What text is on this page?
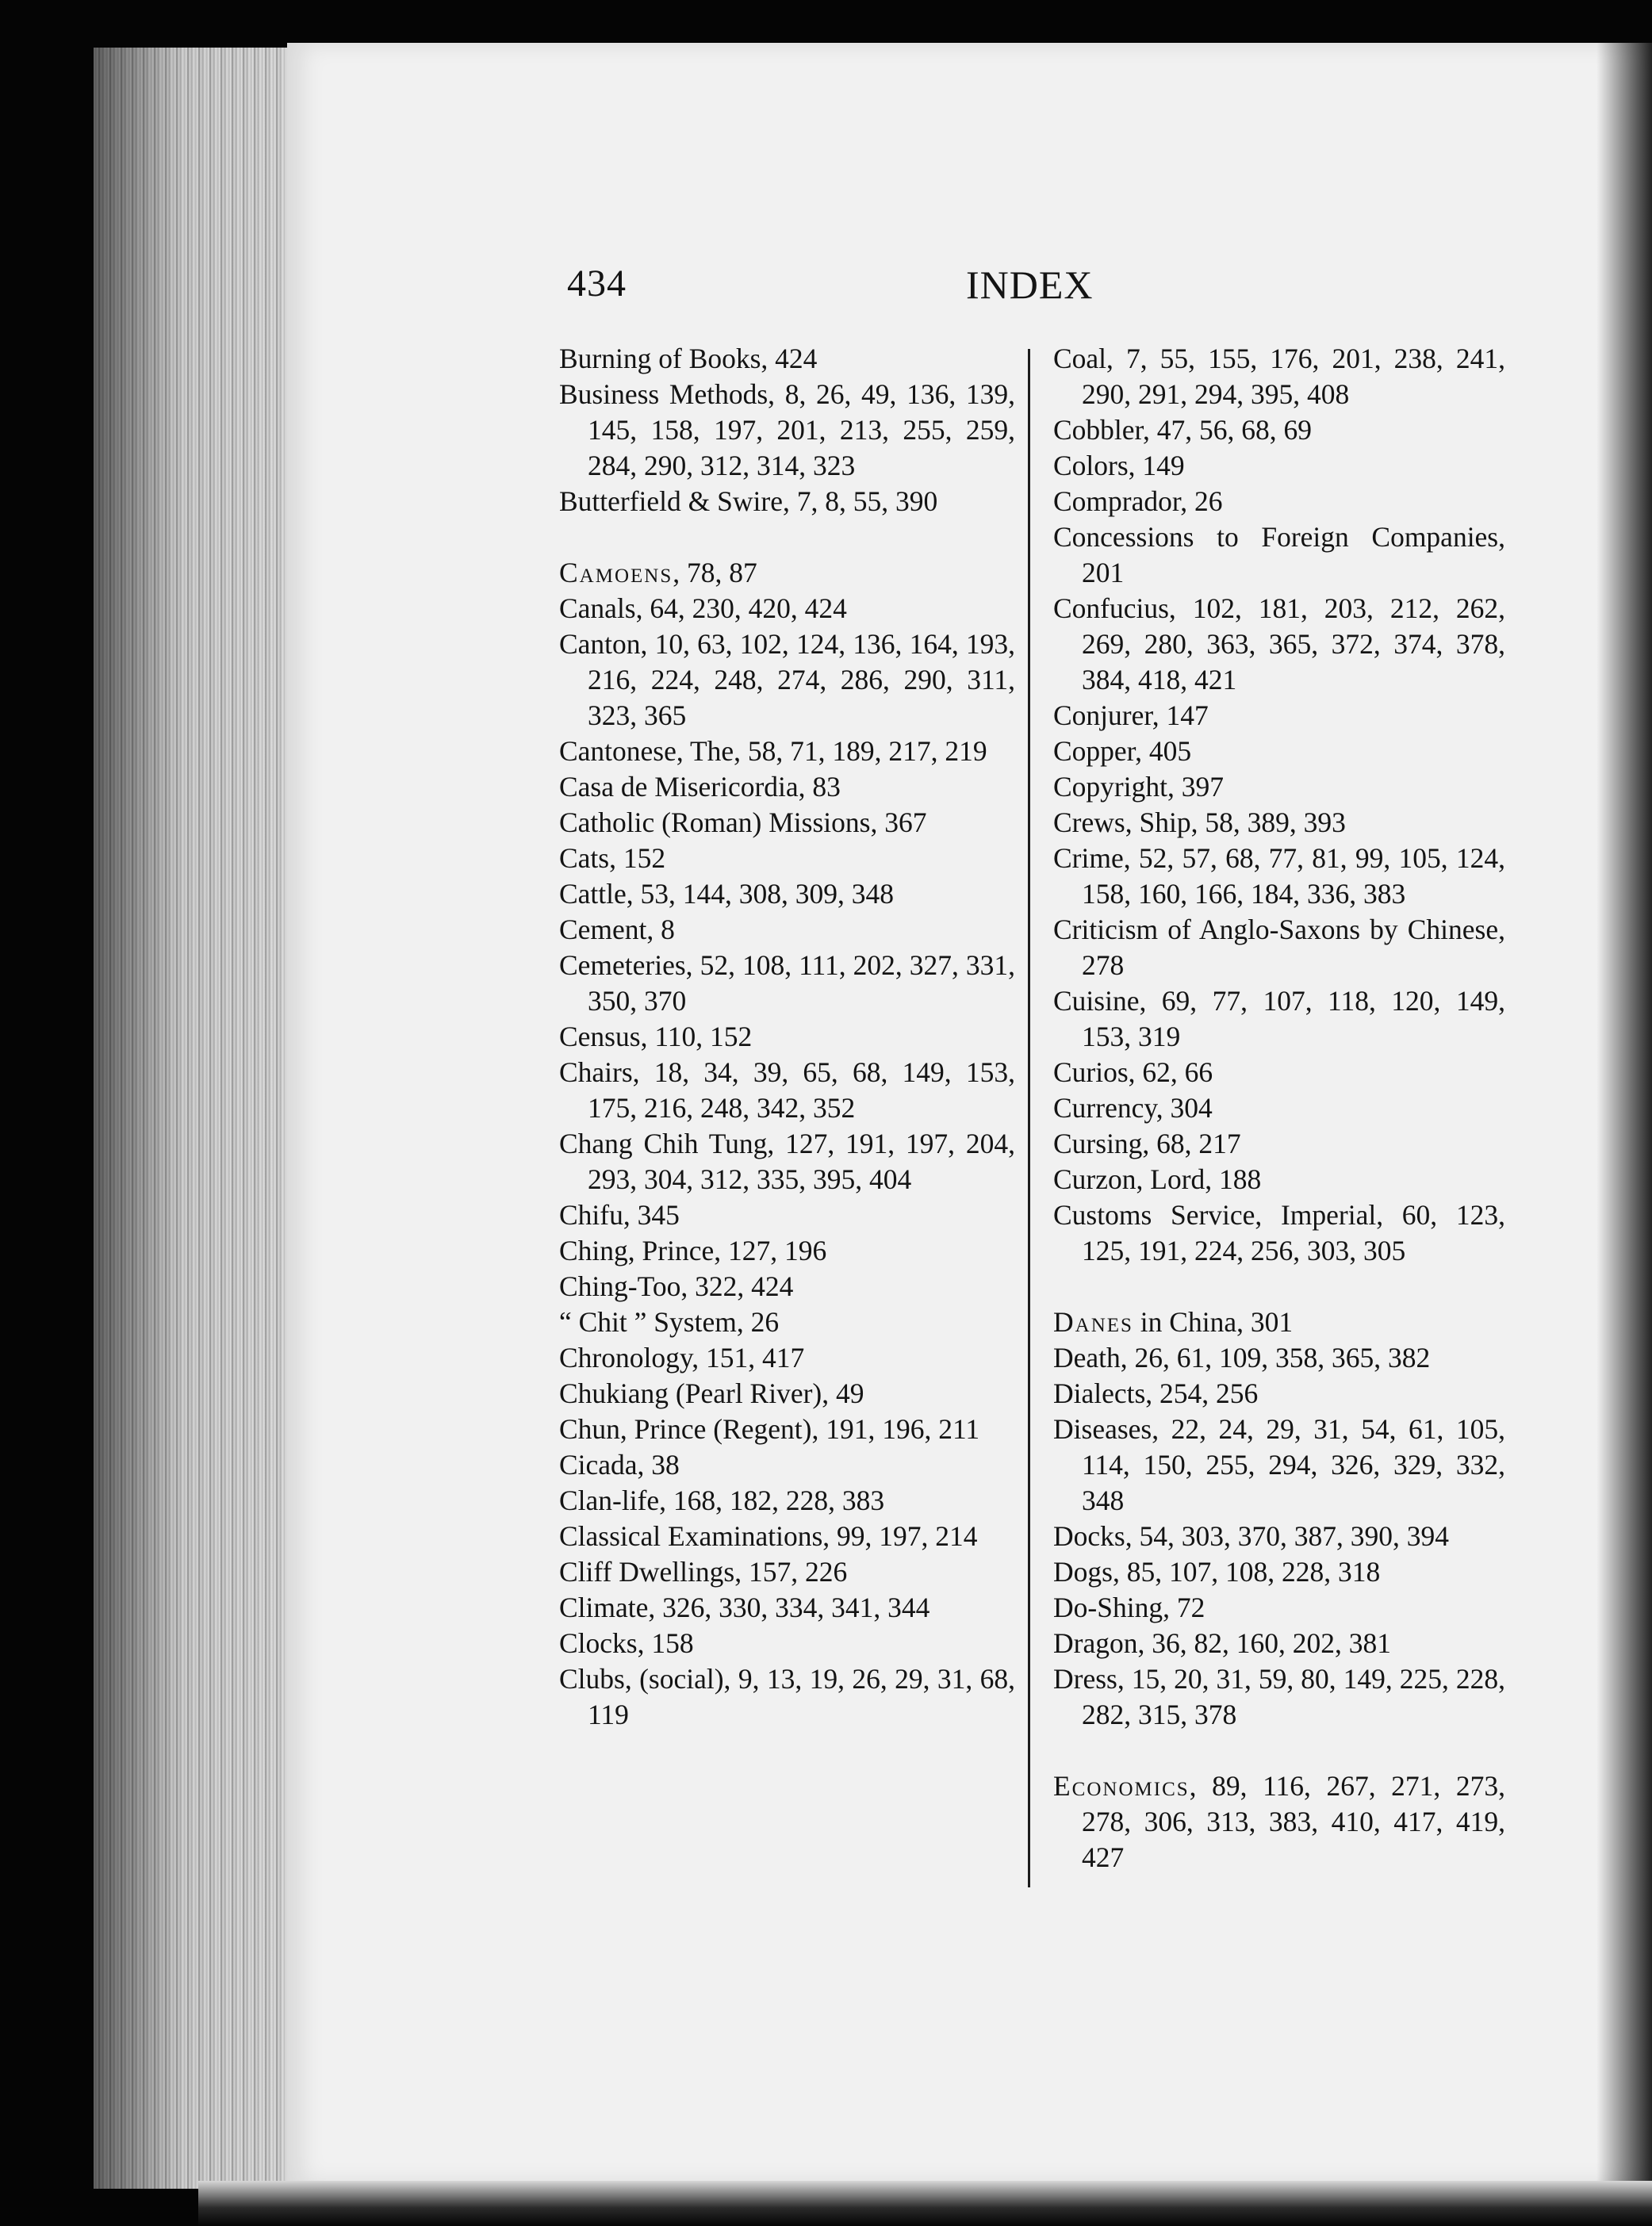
434	INDEX
Burning of Books, 424
Business Methods, 8, 26, 49, 136, 139, 145, 158, 197, 201, 213, 255, 259, 284, 290, 312, 314, 323
Butterfield & Swire, 7, 8, 55, 390
Camoens, 78, 87
Canals, 64, 230, 420, 424
Canton, 10, 63, 102, 124, 136, 164, 193, 216, 224, 248, 274, 286, 290, 311, 323, 365
Cantonese, The, 58, 71, 189, 217, 219
Casa de Misericordia, 83
Catholic (Roman) Missions, 367
Cats, 152
Cattle, 53, 144, 308, 309, 348
Cement, 8
Cemeteries, 52, 108, 111, 202, 327, 331, 350, 370
Census, 110, 152
Chairs, 18, 34, 39, 65, 68, 149, 153, 175, 216, 248, 342, 352
Chang Chih Tung, 127, 191, 197, 204, 293, 304, 312, 335, 395, 404
Chifu, 345
Ching, Prince, 127, 196
Ching-Too, 322, 424
“ Chit ” System, 26
Chronology, 151, 417
Chukiang (Pearl River), 49
Chun, Prince (Regent), 191, 196, 211
Cicada, 38
Clan-life, 168, 182, 228, 383
Classical Examinations, 99, 197, 214
Cliff Dwellings, 157, 226
Climate, 326, 330, 334, 341, 344
Clocks, 158
Clubs, (social), 9, 13, 19, 26, 29, 31, 68, 119
Coal, 7, 55, 155, 176, 201, 238, 241, 290, 291, 294, 395, 408
Cobbler, 47, 56, 68, 69
Colors, 149
Comprador, 26
Concessions to Foreign Companies, 201
Confucius, 102, 181, 203, 212, 262, 269, 280, 363, 365, 372, 374, 378, 384, 418, 421
Conjurer, 147
Copper, 405
Copyright, 397
Crews, Ship, 58, 389, 393
Crime, 52, 57, 68, 77, 81, 99, 105, 124, 158, 160, 166, 184, 336, 383
Criticism of Anglo-Saxons by Chinese, 278
Cuisine, 69, 77, 107, 118, 120, 149, 153, 319
Curios, 62, 66
Currency, 304
Cursing, 68, 217
Curzon, Lord, 188
Customs Service, Imperial, 60, 123, 125, 191, 224, 256, 303, 305
Danes in China, 301
Death, 26, 61, 109, 358, 365, 382
Dialects, 254, 256
Diseases, 22, 24, 29, 31, 54, 61, 105, 114, 150, 255, 294, 326, 329, 332, 348
Docks, 54, 303, 370, 387, 390, 394
Dogs, 85, 107, 108, 228, 318
Do-Shing, 72
Dragon, 36, 82, 160, 202, 381
Dress, 15, 20, 31, 59, 80, 149, 225, 228, 282, 315, 378
Economics, 89, 116, 267, 271, 273, 278, 306, 313, 383, 410, 417, 419, 427
